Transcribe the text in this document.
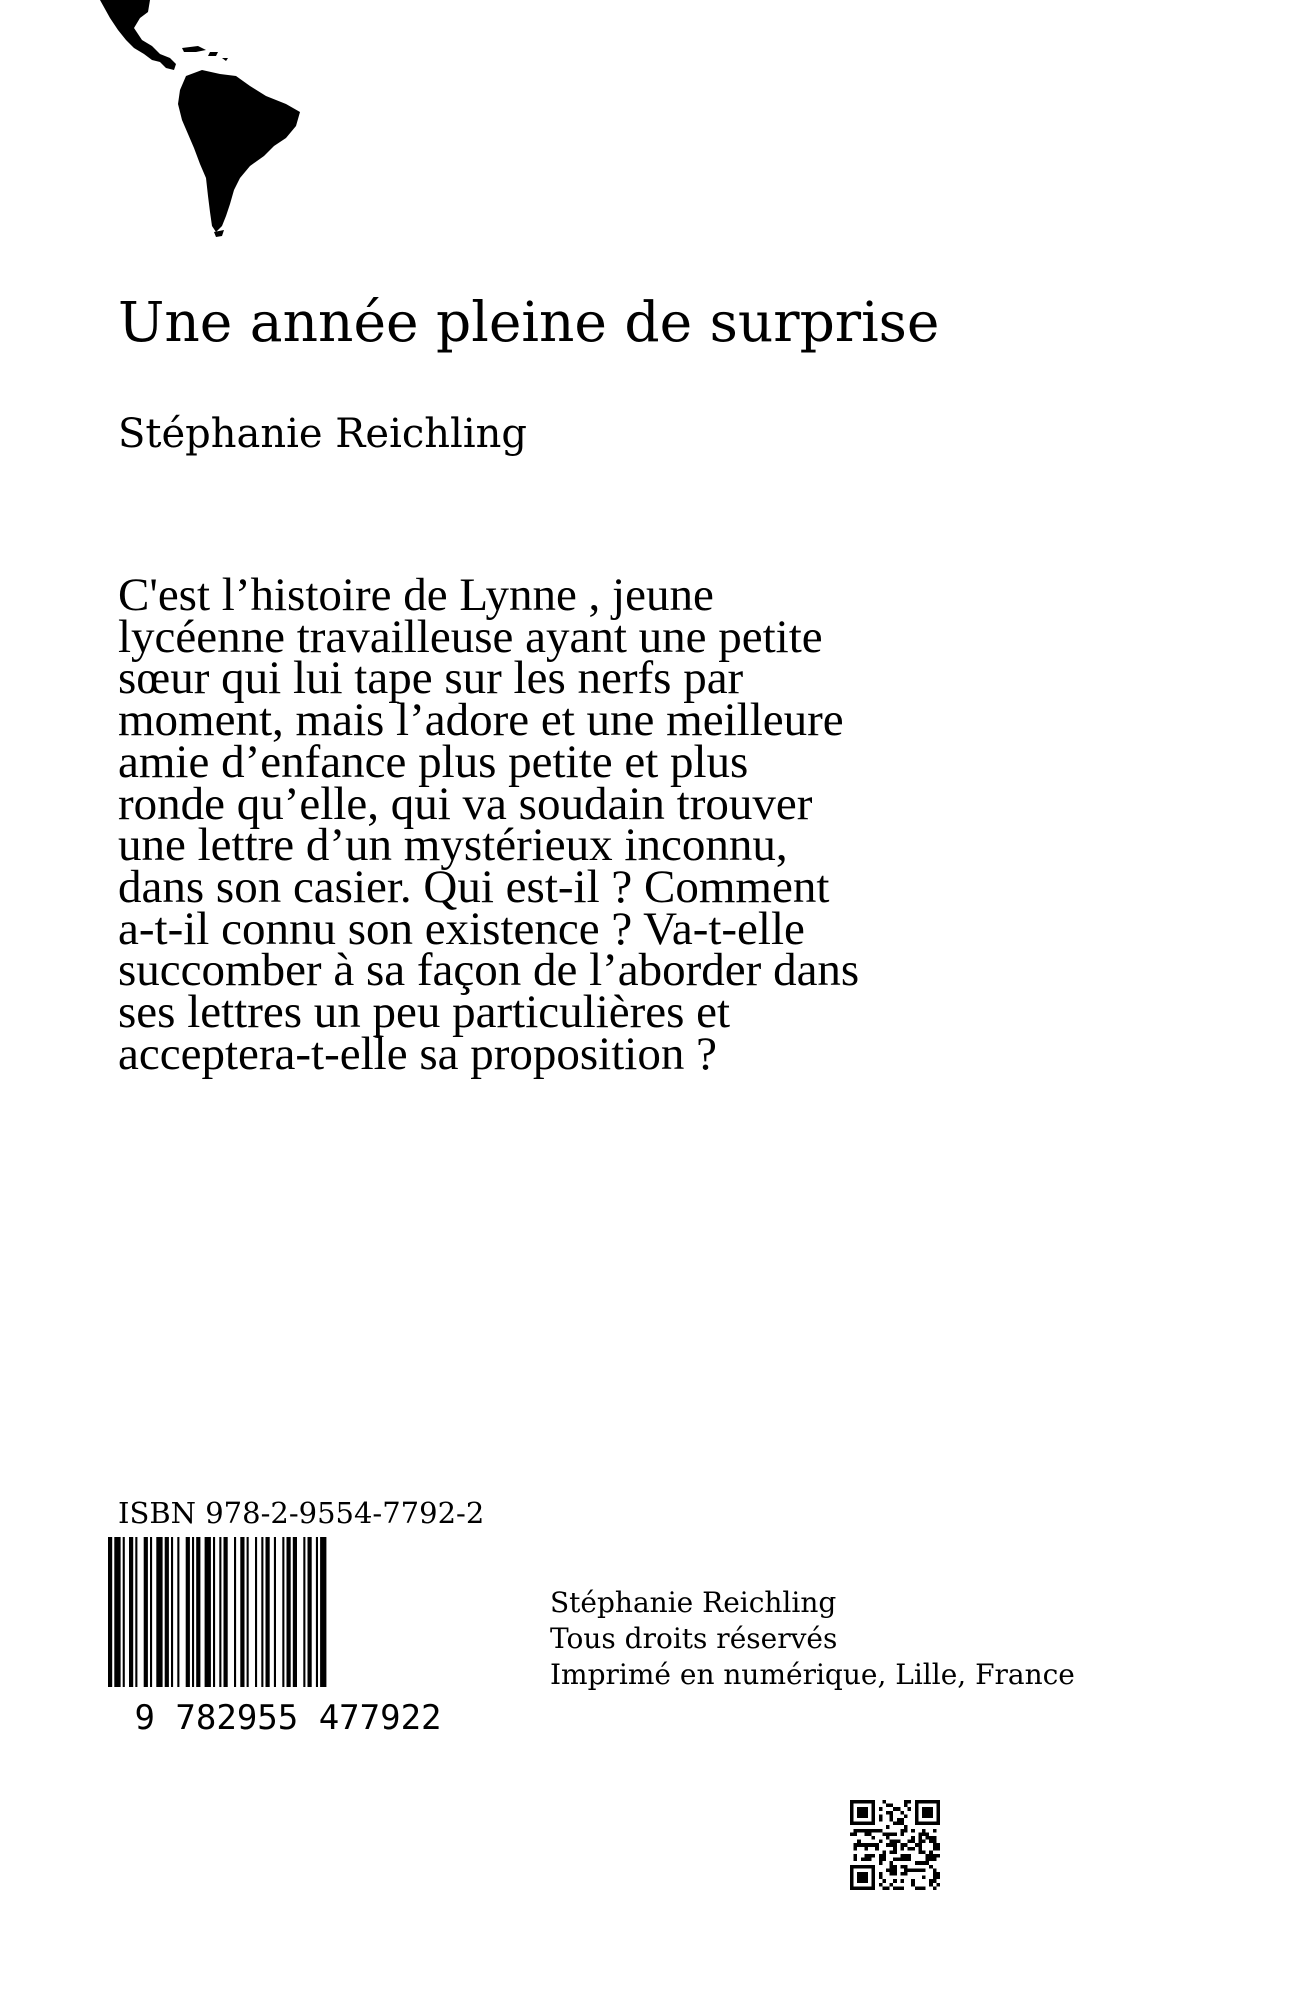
Une année pleine de surprise
Stéphanie Reichling

C'est l’histoire de Lynne , jeune
lycéenne travailleuse ayant une petite
sœur qui lui tape sur les nerfs par
moment, mais l’adore et une meilleure
amie d’enfance plus petite et plus
ronde qu’elle, qui va soudain trouver
une lettre d’un mystérieux inconnu,
dans son casier. Qui est-il ? Comment
a-t-il connu son existence ? Va-t-elle
succomber à sa façon de l’aborder dans
ses lettres un peu particulières et
acceptera-t-elle sa proposition ?

ISBN 978-2-9554-7792-2
9 782955 477922
Stéphanie Reichling
Tous droits réservés
Imprimé en numérique, Lille, France
